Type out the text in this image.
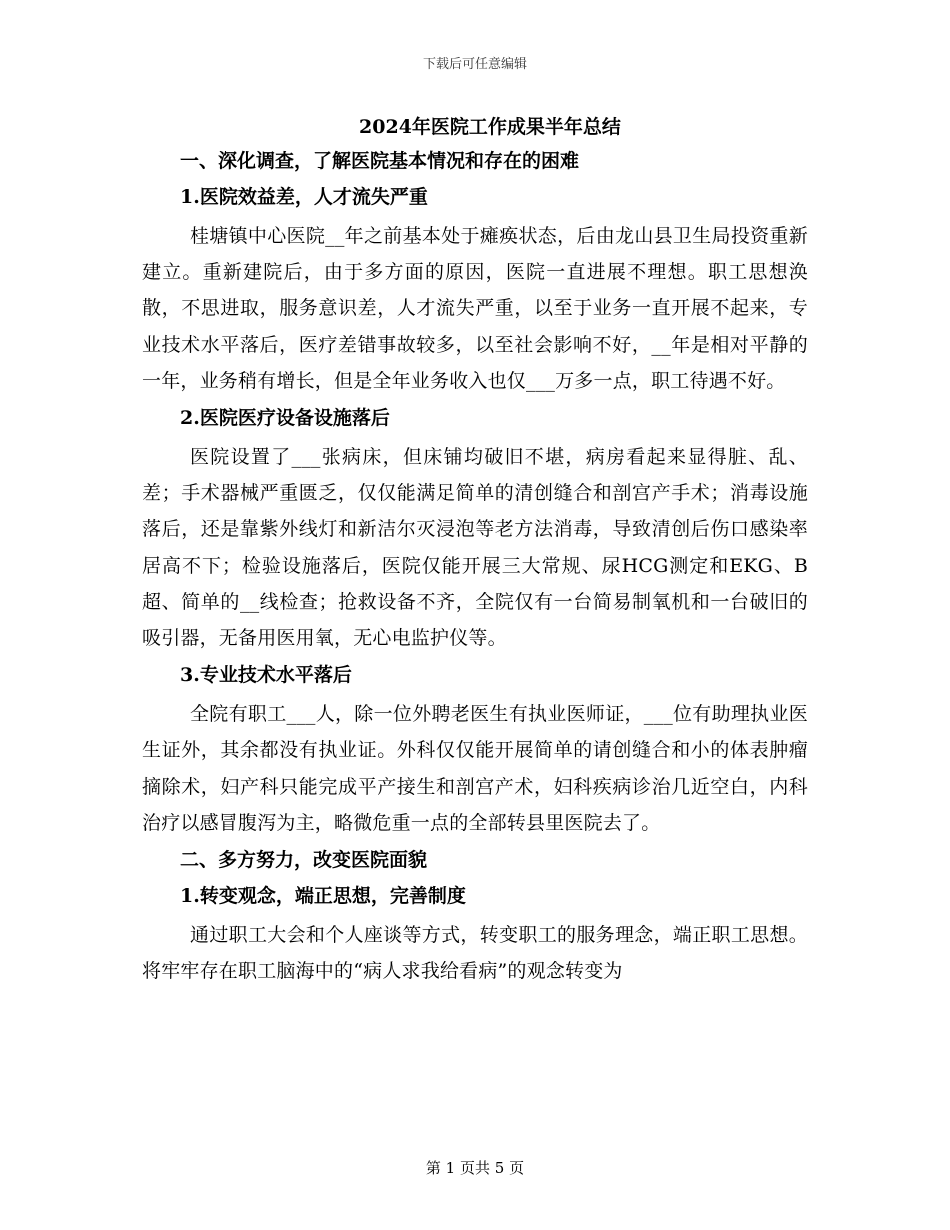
下载后可任意编辑
2024年医院工作成果半年总结
一、深化调查，了解医院基本情况和存在的困难
1.医院效益差，人才流失严重

桂塘镇中心医院__年之前基本处于瘫痪状态，后由龙山县卫生局投资重新建立。重新建院后，由于多方面的原因，医院一直进展不理想。职工思想涣散，不思进取，服务意识差，人才流失严重，以至于业务一直开展不起来，专业技术水平落后，医疗差错事故较多，以至社会影响不好，__年是相对平静的一年，业务稍有增长，但是全年业务收入也仅___万多一点，职工待遇不好。

2.医院医疗设备设施落后

医院设置了___张病床，但床铺均破旧不堪，病房看起来显得脏、乱、差；手术器械严重匮乏，仅仅能满足简单的清创缝合和剖宫产手术；消毒设施落后，还是靠紫外线灯和新洁尔灭浸泡等老方法消毒，导致清创后伤口感染率居高不下；检验设施落后，医院仅能开展三大常规、尿HCG测定和EKG、B超、简单的__线检查；抢救设备不齐，全院仅有一台简易制氧机和一台破旧的吸引器，无备用医用氧，无心电监护仪等。

3.专业技术水平落后

全院有职工___人，除一位外聘老医生有执业医师证，___位有助理执业医生证外，其余都没有执业证。外科仅仅能开展简单的请创缝合和小的体表肿瘤摘除术，妇产科只能完成平产接生和剖宫产术，妇科疾病诊治几近空白，内科治疗以感冒腹泻为主，略微危重一点的全部转县里医院去了。

二、多方努力，改变医院面貌
1.转变观念，端正思想，完善制度

通过职工大会和个人座谈等方式，转变职工的服务理念，端正职工思想。将牢牢存在职工脑海中的“病人求我给看病”的观念转变为

第 1 页共 5 页
